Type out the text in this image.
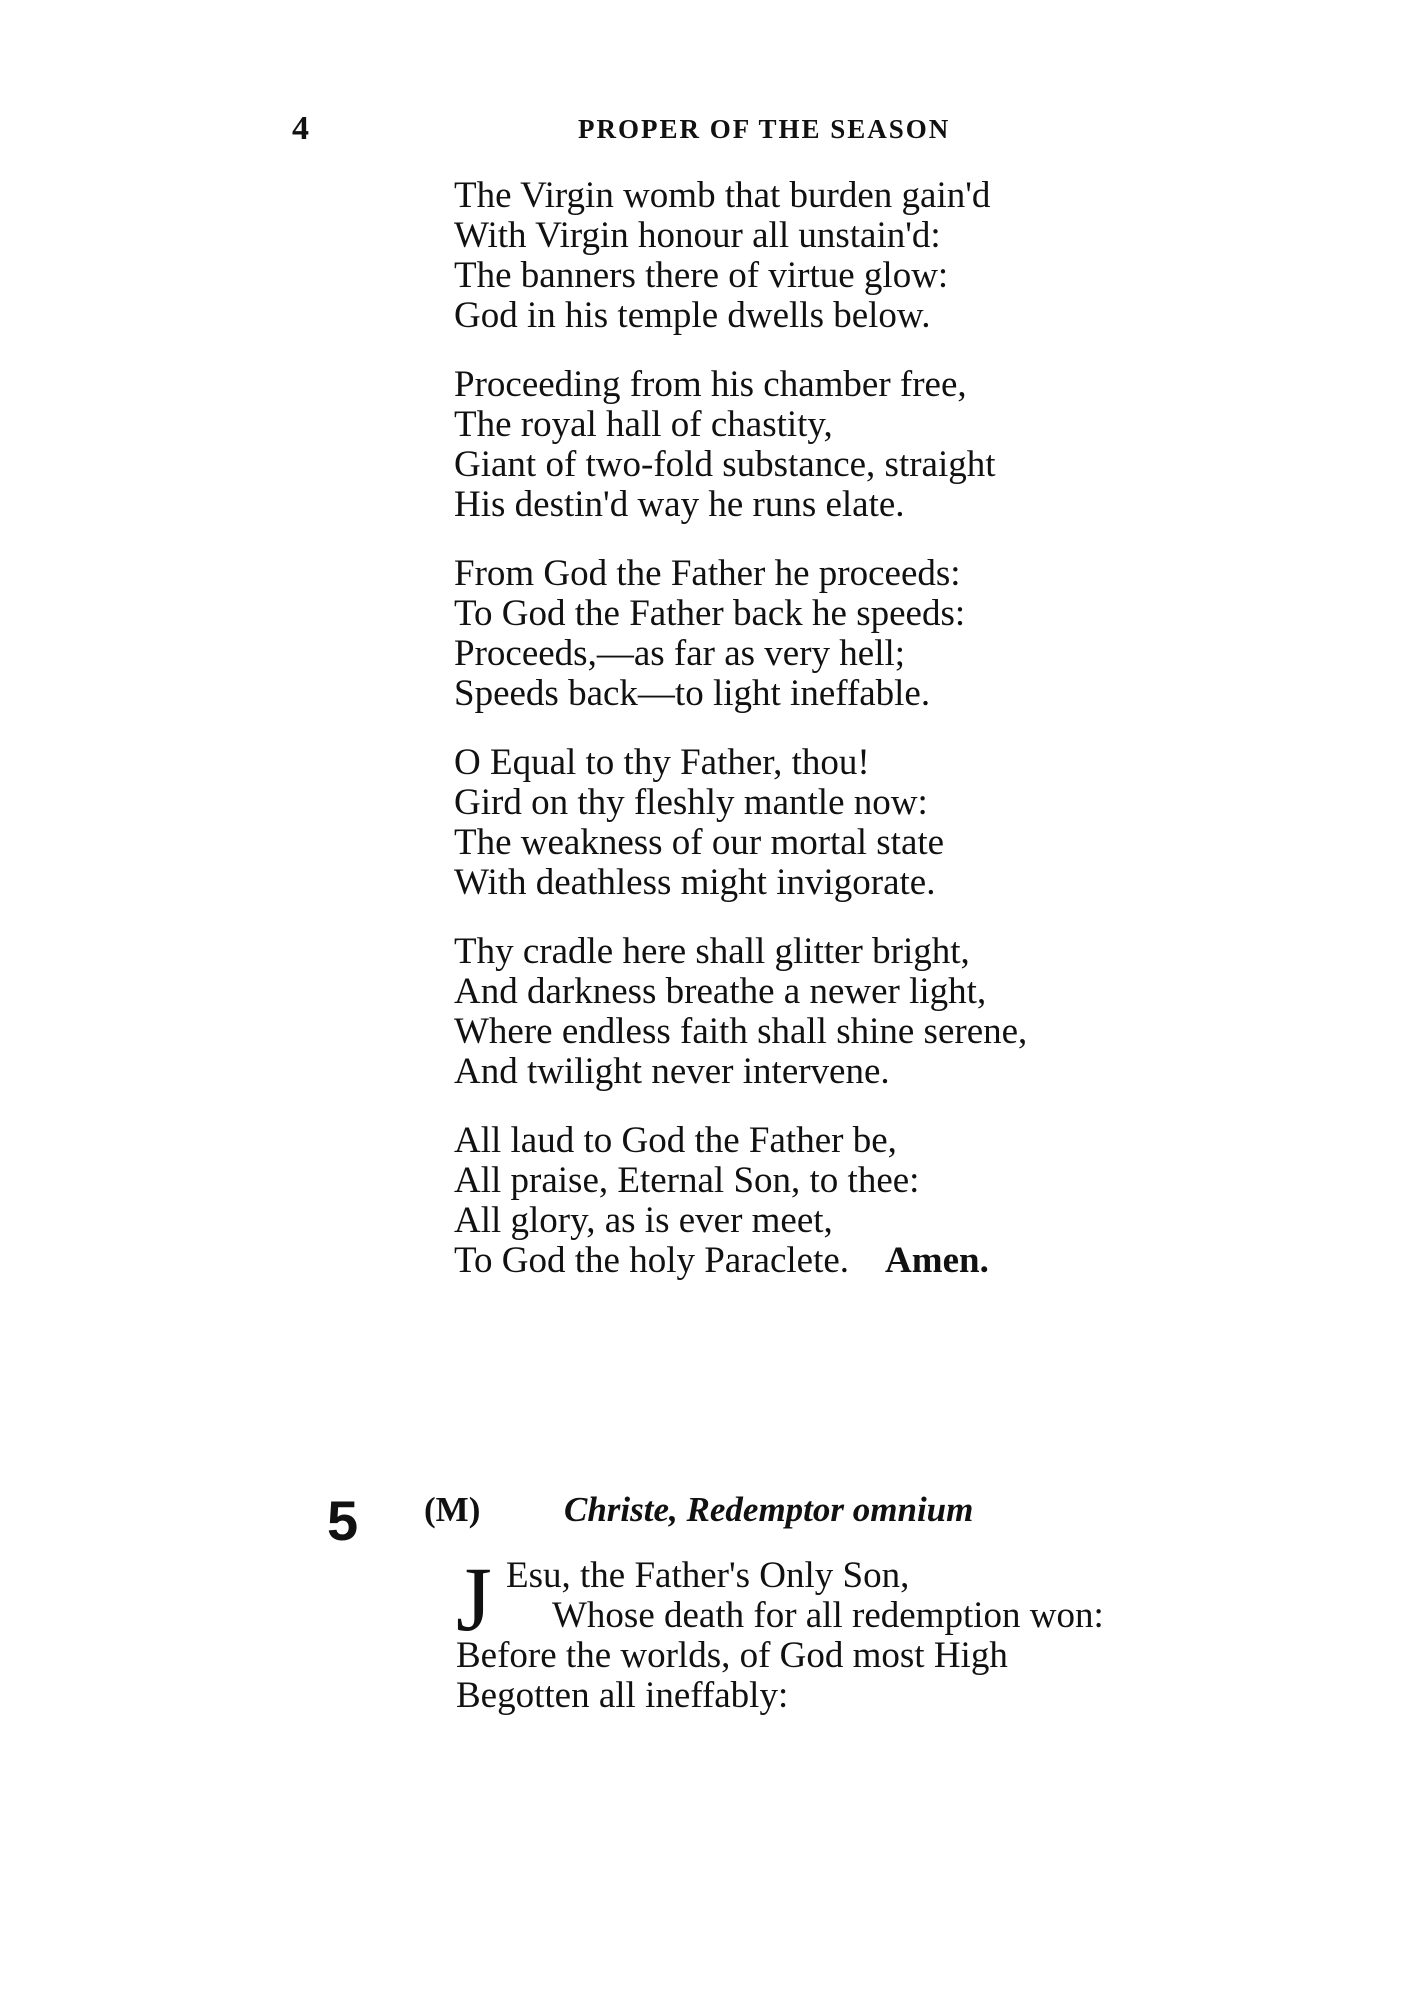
4	PROPER OF THE SEASON
The Virgin womb that burden gain'd
With Virgin honour all unstain'd:
The banners there of virtue glow:
God in his temple dwells below.
Proceeding from his chamber free,
The royal hall of chastity,
Giant of two-fold substance, straight
His destin'd way he runs elate.
From God the Father he proceeds:
To God the Father back he speeds:
Proceeds,—as far as very hell;
Speeds back—to light ineffable.
O Equal to thy Father, thou!
Gird on thy fleshly mantle now:
The weakness of our mortal state
With deathless might invigorate.
Thy cradle here shall glitter bright,
And darkness breathe a newer light,
Where endless faith shall shine serene,
And twilight never intervene.
All laud to God the Father be,
All praise, Eternal Son, to thee:
All glory, as is ever meet,
To God the holy Paraclete. Amen.
5 (M) Christe, Redemptor omnium
J Esu, the Father's Only Son,
Whose death for all redemption won:
Before the worlds, of God most High
Begotten all ineffably:
